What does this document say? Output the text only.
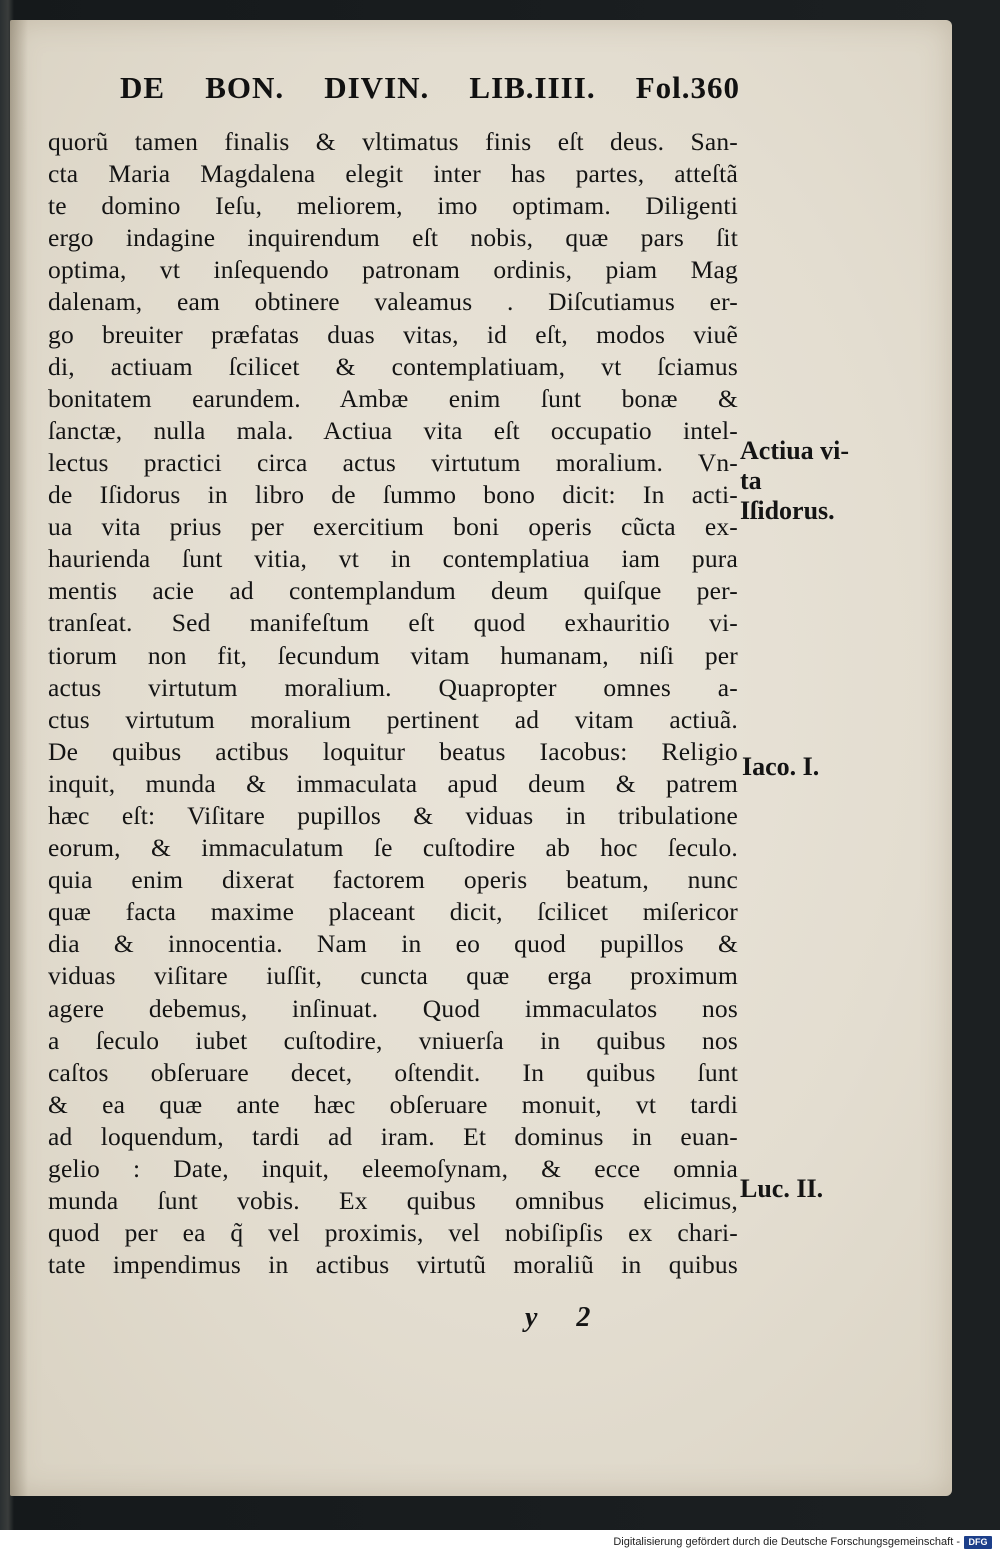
DE BON. DIVIN. LIB.IIII. Fol.360
quorũ tamen finalis & vltimatus finis eſt deus. San-
cta Maria Magdalena elegit inter has partes, atteſtã
te domino Ieſu, meliorem, imo optimam. Diligenti
ergo indagine inquirendum eſt nobis, quæ pars ſit
optima, vt inſequendo patronam ordinis, piam Mag
dalenam, eam obtinere valeamus . Diſcutiamus er-
go breuiter præfatas duas vitas, id eſt, modos viuẽ
di, actiuam ſcilicet & contemplatiuam, vt ſciamus
bonitatem earundem. Ambæ enim ſunt bonæ &
ſanctæ, nulla mala. Actiua vita eſt occupatio intel-
lectus practici circa actus virtutum moralium. Vn-
de Iſidorus in libro de ſummo bono dicit: In acti-
ua vita prius per exercitium boni operis cũcta ex-
haurienda ſunt vitia, vt in contemplatiua iam pura
mentis acie ad contemplandum deum quiſque per-
tranſeat. Sed manifeſtum eſt quod exhauritio vi-
tiorum non fit, ſecundum vitam humanam, niſi per
actus virtutum moralium. Quapropter omnes a-
ctus virtutum moralium pertinent ad vitam actiuã.
De quibus actibus loquitur beatus Iacobus: Religio
inquit, munda & immaculata apud deum & patrem
hæc eſt: Viſitare pupillos & viduas in tribulatione
eorum, & immaculatum ſe cuſtodire ab hoc ſeculo.
quia enim dixerat factorem operis beatum, nunc
quæ facta maxime placeant dicit, ſcilicet miſericor
dia & innocentia. Nam in eo quod pupillos &
viduas viſitare iuſſit, cuncta quæ erga proximum
agere debemus, inſinuat. Quod immaculatos nos
a ſeculo iubet cuſtodire, vniuerſa in quibus nos
caſtos obſeruare decet, oſtendit. In quibus ſunt
& ea quæ ante hæc obſeruare monuit, vt tardi
ad loquendum, tardi ad iram. Et dominus in euan-
gelio : Date, inquit, eleemoſynam, & ecce omnia
munda ſunt vobis. Ex quibus omnibus elicimus,
quod per ea q̃ vel proximis, vel nobiſipſis ex chari-
tate impendimus in actibus virtutũ moraliũ in quibus
Actiua vi-
ta
Iſidorus.
Iaco. I.
Luc. II.
y 2
Digitalisierung gefördert durch die Deutsche Forschungsgemeinschaft - DFG
